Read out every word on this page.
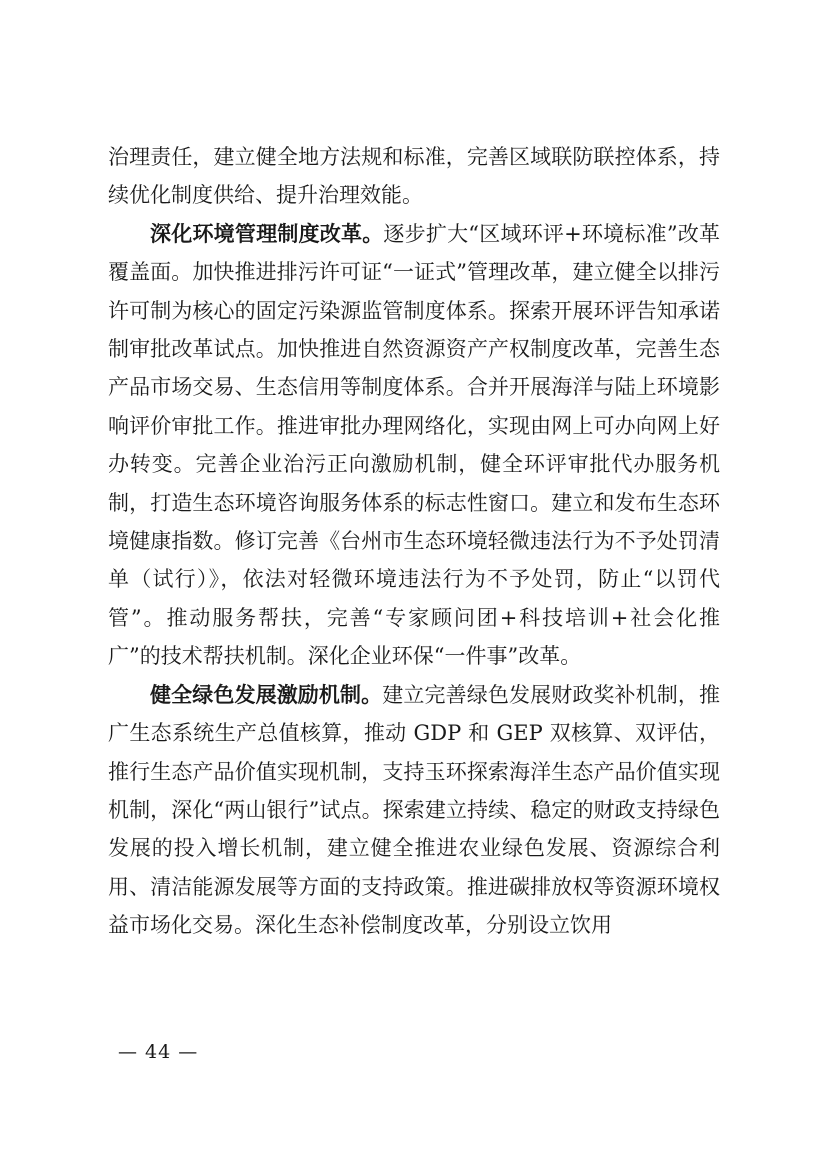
治理责任，建立健全地方法规和标准，完善区域联防联控体系，持续优化制度供给、提升治理效能。

深化环境管理制度改革。逐步扩大“区域环评+环境标准”改革覆盖面。加快推进排污许可证“一证式”管理改革，建立健全以排污许可制为核心的固定污染源监管制度体系。探索开展环评告知承诺制审批改革试点。加快推进自然资源资产产权制度改革，完善生态产品市场交易、生态信用等制度体系。合并开展海洋与陆上环境影响评价审批工作。推进审批办理网络化，实现由网上可办向网上好办转变。完善企业治污正向激励机制，健全环评审批代办服务机制，打造生态环境咨询服务体系的标志性窗口。建立和发布生态环境健康指数。修订完善《台州市生态环境轻微违法行为不予处罚清单（试行）》，依法对轻微环境违法行为不予处罚，防止“以罚代管”。推动服务帮扶，完善“专家顾问团+科技培训+社会化推广”的技术帮扶机制。深化企业环保“一件事”改革。

健全绿色发展激励机制。建立完善绿色发展财政奖补机制，推广生态系统生产总值核算，推动 GDP 和 GEP 双核算、双评估，推行生态产品价值实现机制，支持玉环探索海洋生态产品价值实现机制，深化“两山银行”试点。探索建立持续、稳定的财政支持绿色发展的投入增长机制，建立健全推进农业绿色发展、资源综合利用、清洁能源发展等方面的支持政策。推进碳排放权等资源环境权益市场化交易。深化生态补偿制度改革，分别设立饮用

— 44 —
